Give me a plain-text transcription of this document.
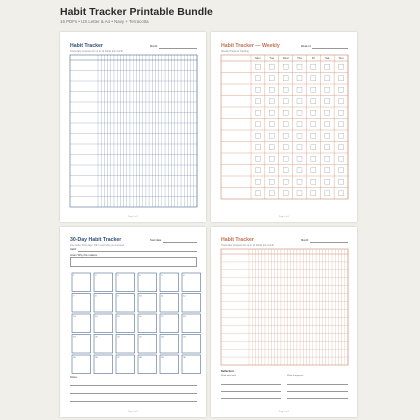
Habit Tracker Printable Bundle
16 PDFs • US Letter & A4 • Navy + Terracotta
Habit Tracker
Track daily progress for up to 14 habits this month
Month:
Page 1 of 1
Habit Tracker — Weekly
Weekly Progress Tracking
Week of:
Mon	Tue	Wed	Thu	Fri	Sat	Sun
Page 1 of 1
30-Day Habit Tracker
One habit, thirty days. Fill in each day you succeed
Start date:
Habit:
Goal / Why this matters:
1	2	3	4	5	6
7	8	9	10	11	12
13	14	15	16	17	18
19	20	21	22	23	24
25	26	27	28	29	30
Notes:
Page 1 of 1
Habit Tracker
Track daily progress for up to 14 habits this month
Month:
Reflection:
What went well:	What to improve:
Page 1 of 1
